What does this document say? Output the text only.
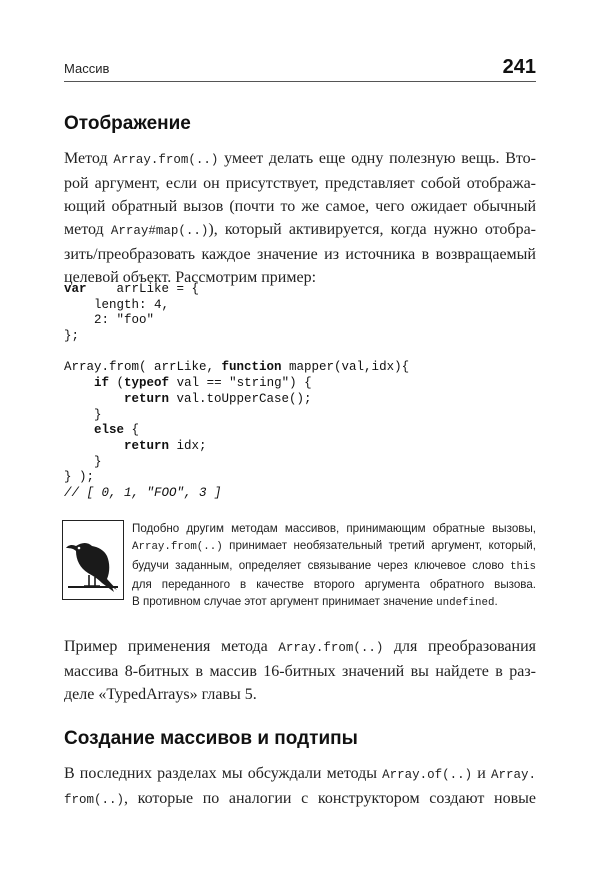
Массив	241
Отображение
Метод Array.from(..) умеет делать еще одну полезную вещь. Вто-
рой аргумент, если он присутствует, представляет собой отобража-
ющий обратный вызов (почти то же самое, чего ожидает обычный
метод Array#map(..)), который активируется, когда нужно отобра-
зить/преобразовать каждое значение из источника в возвращаемый
целевой объект. Рассмотрим пример:
var    arrLike = {
length: 4,
2: "foo"
};
Array.from( arrLike, function mapper(val,idx){
if (typeof val == "string") {
return val.toUpperCase();
}
else {
return idx;
}
} );
// [ 0, 1, "FOO", 3 ]
Подобно другим методам массивов, принимающим обратные вызовы,
Array.from(..) принимает необязательный третий аргумент, который,
будучи заданным, определяет связывание через ключевое слово this
для переданного в качестве второго аргумента обратного вызова.
В противном случае этот аргумент принимает значение undefined.
Пример применения метода Array.from(..) для преобразования
массива 8-битных в массив 16-битных значений вы найдете в раз-
деле «TypedArrays» главы 5.
Создание массивов и подтипы
В последних разделах мы обсуждали методы Array.of(..) и Array.
from(..), которые по аналогии с конструктором создают новые
